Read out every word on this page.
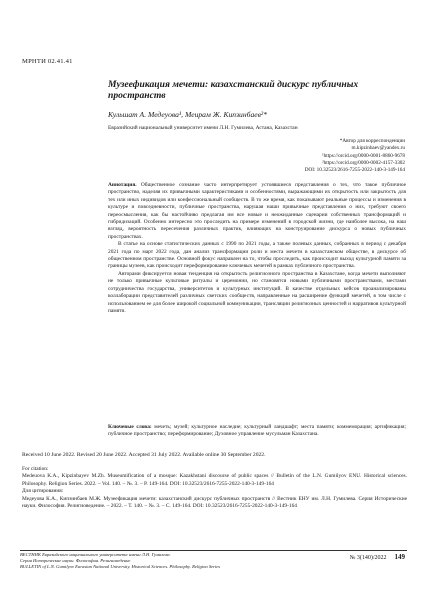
МРНТИ 02.41.41
Музеефикация мечети: казахстанский дискурс публичных пространств
Кульшат А. Медеуова¹, Меирам Ж. Кипзинбаев²*
Евразийский национальный университет имени Л.Н. Гумилева, Астана, Казахстан
*Автор для корреспонденции
m.kipzinbaev@yandex.ru
¹https://orcid.org/0000-0001-8860-9678
²https://orcid.org/0000-0002-4157-3302
DOI: 10.32523/2616-7255-2022-140-3-149-164

Аннотация. Общественное сознание часто интерпретирует устоявшиеся представления о тех, что такое публичное пространство, наделяя их привычными характеристиками и особенностями, выражающими их открытость или закрытость для тех или иных индивидов или конфессиональный сообществ. В то же время, как показывают реальные процессы и изменения в культуре и повседневности, публичные пространства, нарушая наши привычные представления о них, требуют своего переосмысления, как бы настойчиво предлагая им все новые и неожиданные сценарии собственных трансформаций и гибридизаций. Особенно интересно это проследить на примере изменений в городской жизни, где наиболее высока, на наш взгляд, вероятность пересечения различных практик, влияющих на конструирование дискурса о новых публичных пространствах.

В статье на основе статистических данных с 1990 по 2021 годы, а также полевых данных, собранных в период с декабря 2021 года по март 2022 года, дан анализ трансформации роли и места мечети в казахстанском обществе, в дискурсе об общественном пространстве. Основной фокус направлен на то, чтобы проследить, как происходит выход культурной памяти за границы музеев, как происходит переформирование ключевых мечетей в рамках публичного пространства.

Авторами фиксируется новая тенденция на открытость религиозного пространства в Казахстане, когда мечети выполняют не только привычные культовые ритуалы и церемонии, но становятся новыми публичными пространствами, местами сотрудничества государства, университетов и культурных институций. В качестве отдельных кейсов проанализированы коллаборации представителей различных светских сообществ, направленные на расширение функций мечетей, в том числе с использованием ее для более широкой социальной коммуникации, трансляции религиозных ценностей и нарративов культурной памяти.

Ключевые слова: мечеть; музей; культурное наследие; культурный ландшафт; места памяти; коммеморация; артификация; публичное пространство; переформирование; Духовное управление мусульман Казахстана.
Received 10 June 2022. Revised 20 June 2022. Accepted 31 July 2022. Available online 30 September 2022.
For citation:
Medeuova K.A., Kipzinbayev M.Zh. Museumification of a mosque: Kazakhstani discourse of public spaces // Bulletin of the L.N. Gumilyov ENU. Historical sciences. Philosophy. Religion Series. 2022. – Vol. 140. – №. 3. – P. 149-164. DOI: 10.32523/2616-7255-2022-140-3-149-164
Для цитирования:
Медеуова К.А., Кипзинбаев М.Ж. Музеефикация мечети: казахстанский дискурс публичных пространств // Вестник ЕНУ им. Л.Н. Гумилева. Серия Исторические науки. Философия. Религиоведение. – 2022. – Т. 140. – №. 3. – C. 149-164. DOI: 10.32523/2616-7255-2022-140-3-149-164
ВЕСТНИК Евразийского национального университета имени Л.Н. Гумилева.
Серия Исторические науки. Философия. Религиоведение
BULLETIN of L.N. Gumilyov Eurasian National University. Historical Sciences. Philosophy. Religion Series
№ 3(140)/2022 149
